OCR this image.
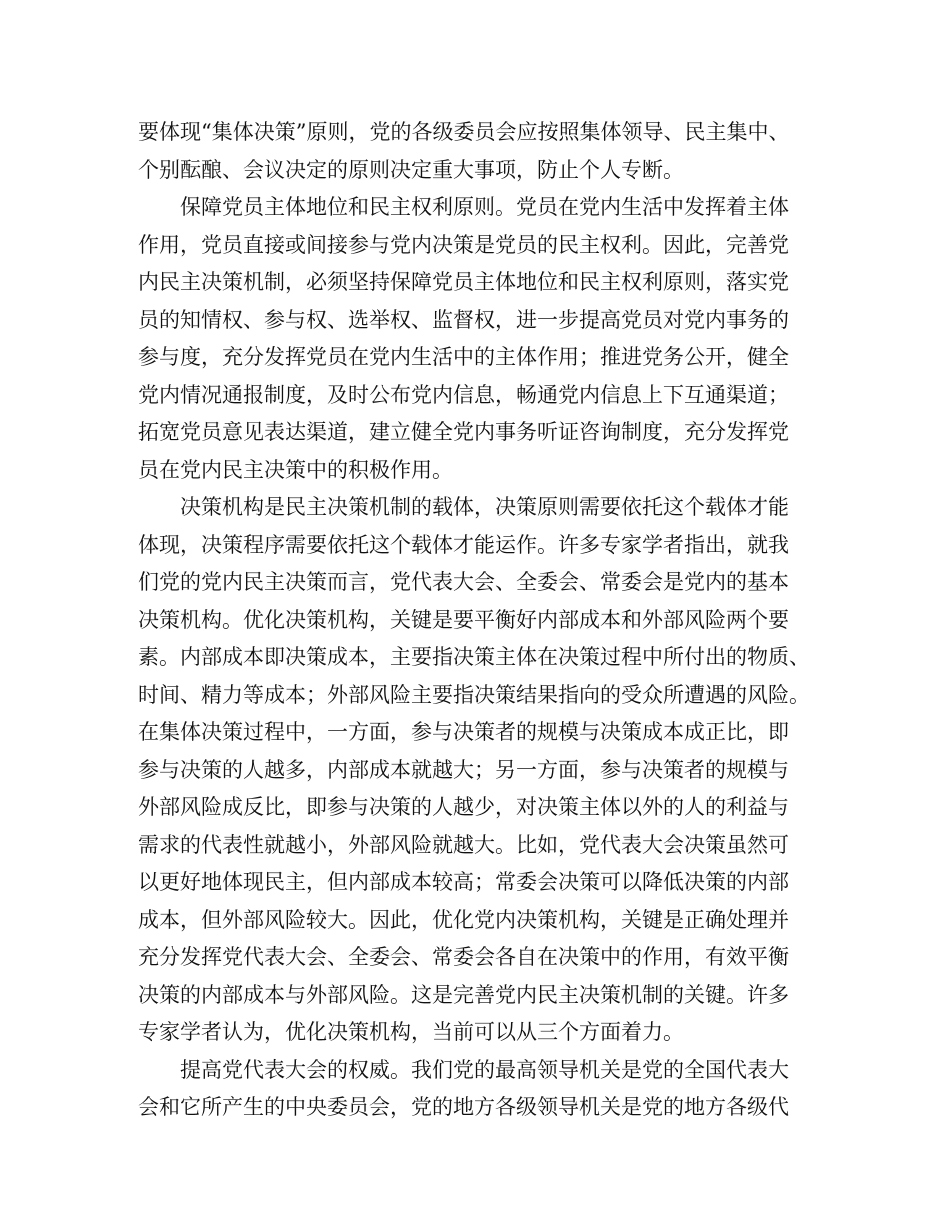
要体现“集体决策”原则，党的各级委员会应按照集体领导、民主集中、
个别酝酿、会议决定的原则决定重大事项，防止个人专断。
保障党员主体地位和民主权利原则。党员在党内生活中发挥着主体
作用，党员直接或间接参与党内决策是党员的民主权利。因此，完善党
内民主决策机制，必须坚持保障党员主体地位和民主权利原则，落实党
员的知情权、参与权、选举权、监督权，进一步提高党员对党内事务的
参与度，充分发挥党员在党内生活中的主体作用；推进党务公开，健全
党内情况通报制度，及时公布党内信息，畅通党内信息上下互通渠道；
拓宽党员意见表达渠道，建立健全党内事务听证咨询制度，充分发挥党
员在党内民主决策中的积极作用。
决策机构是民主决策机制的载体，决策原则需要依托这个载体才能
体现，决策程序需要依托这个载体才能运作。许多专家学者指出，就我
们党的党内民主决策而言，党代表大会、全委会、常委会是党内的基本
决策机构。优化决策机构，关键是要平衡好内部成本和外部风险两个要
素。内部成本即决策成本，主要指决策主体在决策过程中所付出的物质、
时间、精力等成本；外部风险主要指决策结果指向的受众所遭遇的风险。
在集体决策过程中，一方面，参与决策者的规模与决策成本成正比，即
参与决策的人越多，内部成本就越大；另一方面，参与决策者的规模与
外部风险成反比，即参与决策的人越少，对决策主体以外的人的利益与
需求的代表性就越小，外部风险就越大。比如，党代表大会决策虽然可
以更好地体现民主，但内部成本较高；常委会决策可以降低决策的内部
成本，但外部风险较大。因此，优化党内决策机构，关键是正确处理并
充分发挥党代表大会、全委会、常委会各自在决策中的作用，有效平衡
决策的内部成本与外部风险。这是完善党内民主决策机制的关键。许多
专家学者认为，优化决策机构，当前可以从三个方面着力。
提高党代表大会的权威。我们党的最高领导机关是党的全国代表大
会和它所产生的中央委员会，党的地方各级领导机关是党的地方各级代
